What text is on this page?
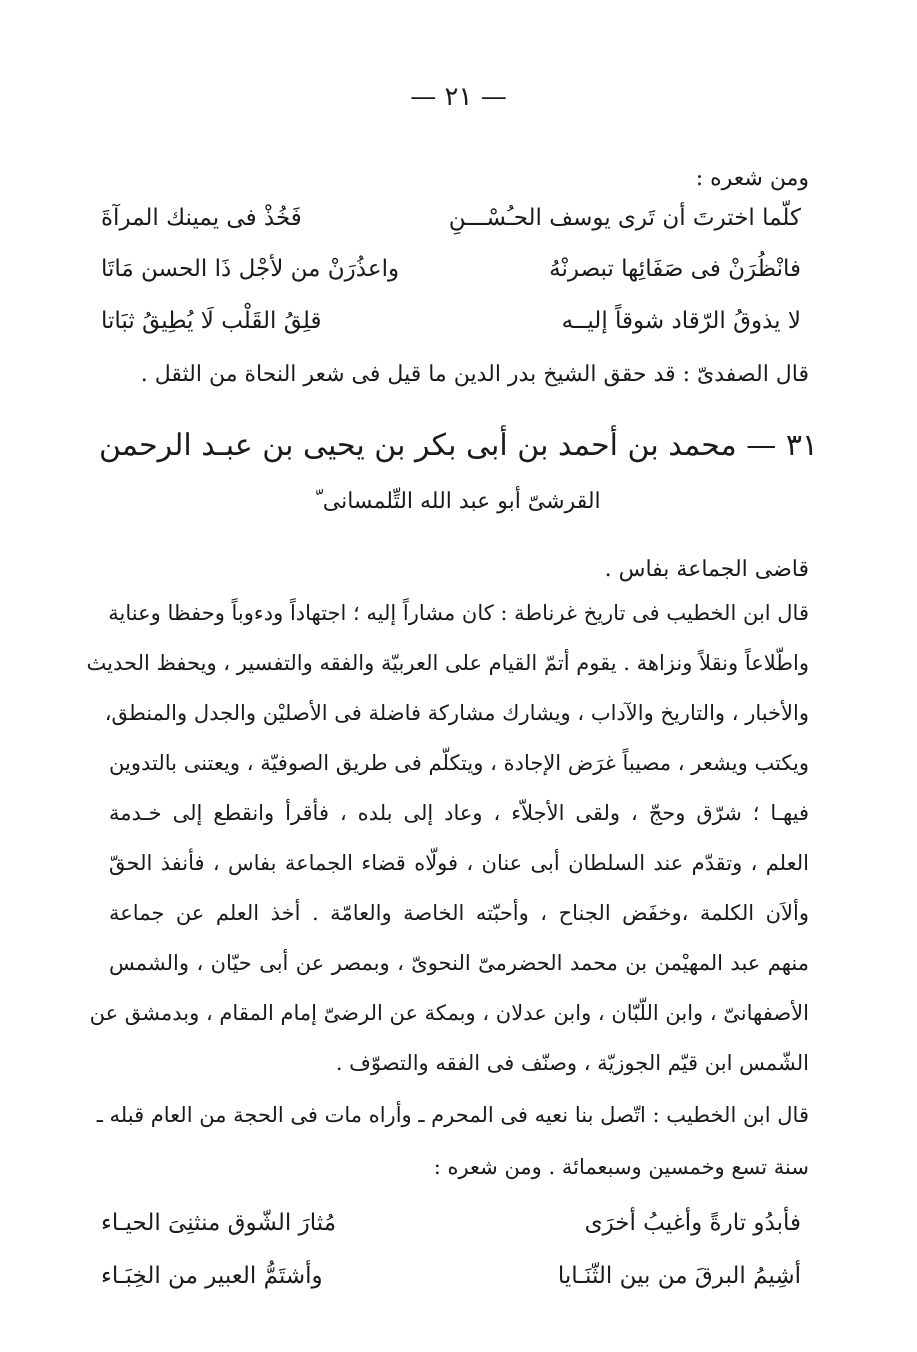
— ٢١ —
ومن شعره :
كلّما اخترتَ أن تَرى يوسف الحـُسْـــنِ
فَخُذْ فى يمينك المرآةَ
فانْظُرَنْ فى صَفَائِها تبصرنْهُ
واعذُرَنْ من لأجْل ذَا الحسن مَاتَا
لا يذوقُ الرّقاد شوقاً إليــه
قلِقُ القَلْب لَا يُطِيقُ ثبَاتا
قال الصفدىّ : قد حقق الشيخ بدر الدين ما قيل فى شعر النحاة من الثقل .
٣١ — محمد بن أحمد بن أبى بكر بن يحيى بن عبـد الرحمن
القرشىّ أبو عبد الله التِّلمسانى ّ
قاضى الجماعة بفاس .
قال ابن الخطيب فى تاريخ غرناطة : كان مشاراً إليه ؛ اجتهاداً ودءوباً وحفظا وعناية
واطّلاعاً ونقلاً ونزاهة . يقوم أتمّ القيام على العربيّة والفقه والتفسير ، ويحفظ الحديث
والأخبار ، والتاريخ والآداب ، ويشارك مشاركة فاضلة فى الأصليْن والجدل والمنطق،
ويكتب ويشعر ، مصيباً غرَض الإجادة ، ويتكلّم فى طريق الصوفيّة ، ويعتنى بالتدوين
فيهـا ؛ شرّق وحجّ ، ولقى الأجلاّء ، وعاد إلى بلده ، فأقرأ وانقطع إلى خـدمة
العلم ، وتقدّم عند السلطان أبى عنان ، فولّاه قضاء الجماعة بفاس ، فأنفذ الحقّ
وألاَن الكلمة ،وخفَض الجناح ، وأحبّته الخاصة والعامّة . أخذ العلم عن جماعة
منهم عبد المهيْمن بن محمد الحضرمىّ النحوىّ ، وبمصر عن أبى حيّان ، والشمس
الأصفهانىّ ، وابن اللّبّان ، وابن عدلان ، وبمكة عن الرضىّ إمام المقام ، وبدمشق عن
الشّمس ابن قيّم الجوزيّة ، وصنّف فى الفقه والتصوّف .
قال ابن الخطيب : اتّصل بنا نعيه فى المحرم ـ وأراه مات فى الحجة من العام قبله ـ
سنة تسع وخمسين وسبعمائة . ومن شعره :
فأبدُو تارةً وأغيبُ أخرَى
مُثارَ الشّوق منثنِىَ الحيـاء
أشِيمُ البرقَ من بين الثّنَـايا
وأشتَمُّ العبير من الخِبَـاء
